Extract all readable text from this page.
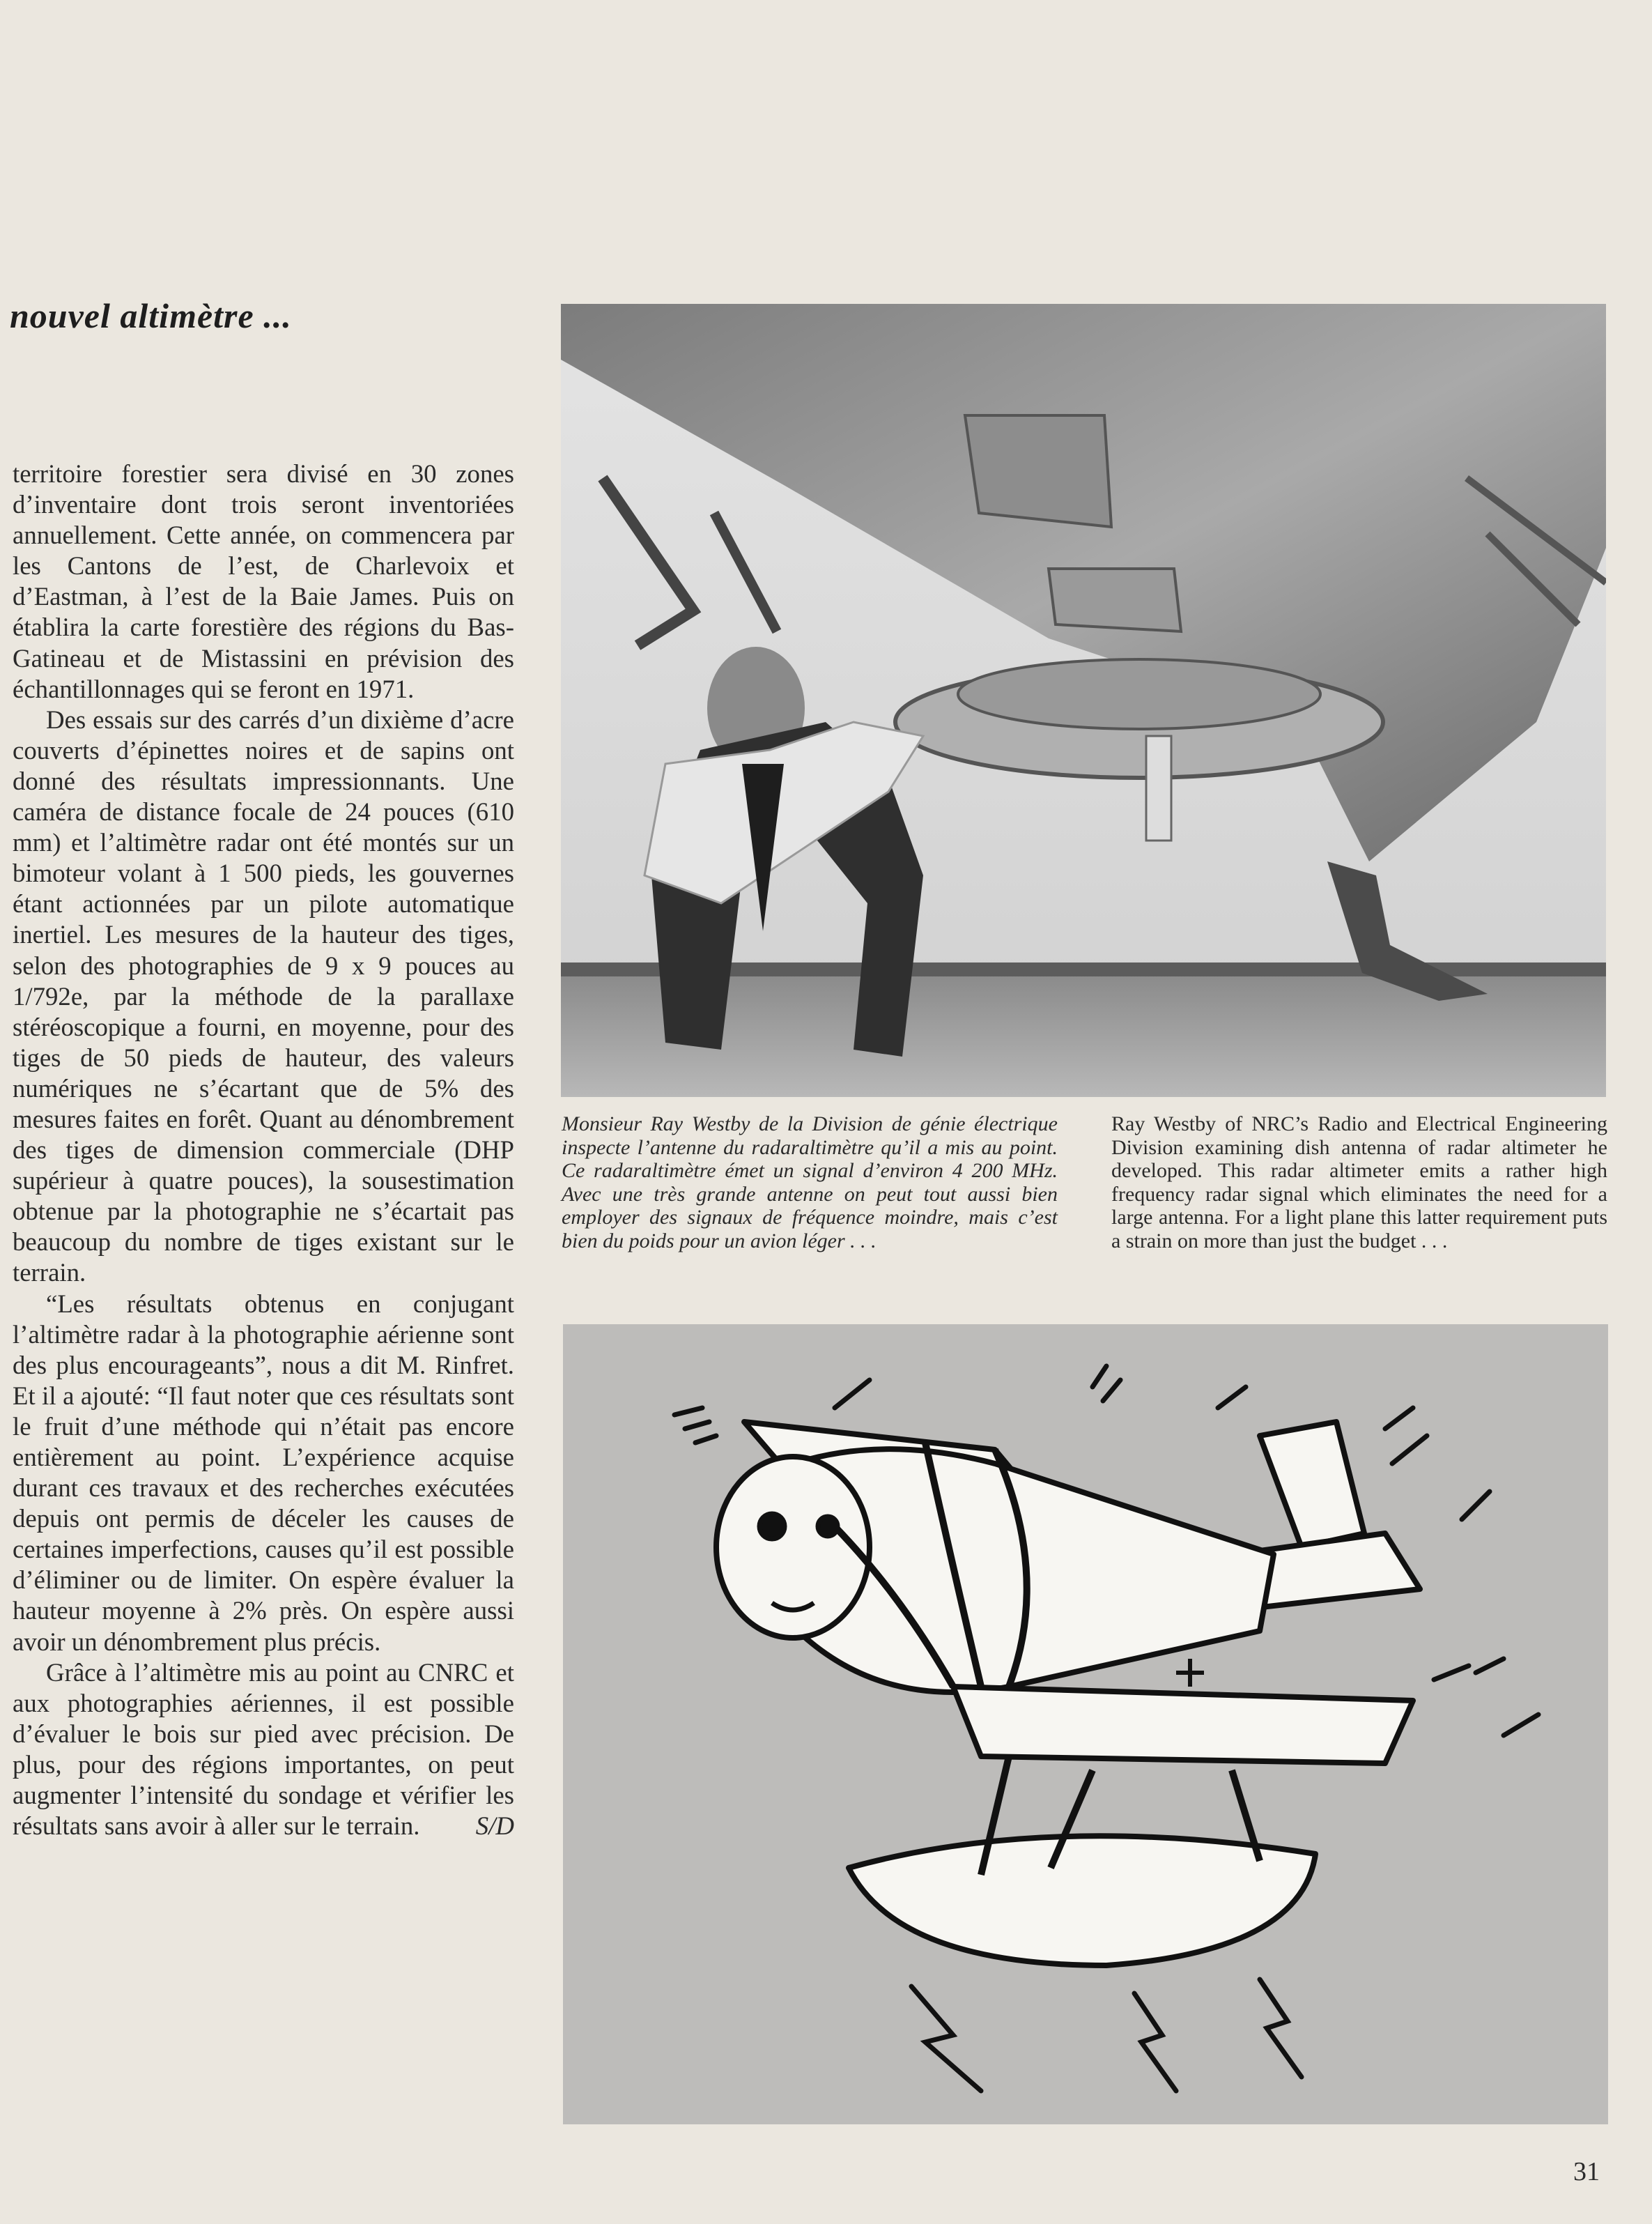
nouvel altimètre ...

territoire forestier sera divisé en 30 zones d’inventaire dont trois seront inventoriées annuellement. Cette année, on commencera par les Cantons de l’est, de Charlevoix et d’Eastman, à l’est de la Baie James. Puis on établira la carte forestière des régions du Bas-Gatineau et de Mistassini en prévision des échantillonnages qui se feront en 1971.

Des essais sur des carrés d’un dixième d’acre couverts d’épinettes noires et de sapins ont donné des résultats impressionnants. Une caméra de distance focale de 24 pouces (610 mm) et l’altimètre radar ont été montés sur un bimoteur volant à 1 500 pieds, les gouvernes étant actionnées par un pilote automatique inertiel. Les mesures de la hauteur des tiges, selon des photographies de 9 x 9 pouces au 1/792e, par la méthode de la parallaxe stéréoscopique a fourni, en moyenne, pour des tiges de 50 pieds de hauteur, des valeurs numériques ne s’écartant que de 5% des mesures faites en forêt. Quant au dénombrement des tiges de dimension commerciale (DHP supérieur à quatre pouces), la sousestimation obtenue par la photographie ne s’écartait pas beaucoup du nombre de tiges existant sur le terrain.

“Les résultats obtenus en conjugant l’altimètre radar à la photographie aérienne sont des plus encourageants”, nous a dit M. Rinfret. Et il a ajouté: “Il faut noter que ces résultats sont le fruit d’une méthode qui n’était pas encore entièrement au point. L’expérience acquise durant ces travaux et des recherches exécutées depuis ont permis de déceler les causes de certaines imperfections, causes qu’il est possible d’éliminer ou de limiter. On espère évaluer la hauteur moyenne à 2% près. On espère aussi avoir un dénombrement plus précis.

Grâce à l’altimètre mis au point au CNRC et aux photographies aériennes, il est possible d’évaluer le bois sur pied avec précision. De plus, pour des régions importantes, on peut augmenter l’intensité du sondage et vérifier les résultats sans avoir à aller sur le terrain.	S/D

Monsieur Ray Westby de la Division de génie électrique inspecte l’antenne du radaraltimètre qu’il a mis au point. Ce radaraltimètre émet un signal d’environ 4 200 MHz. Avec une très grande antenne on peut tout aussi bien employer des signaux de fréquence moindre, mais c’est bien du poids pour un avion léger . . .

Ray Westby of NRC’s Radio and Electrical Engineering Division examining dish antenna of radar altimeter he developed. This radar altimeter emits a rather high frequency radar signal which eliminates the need for a large antenna. For a light plane this latter requirement puts a strain on more than just the budget . . .

31
